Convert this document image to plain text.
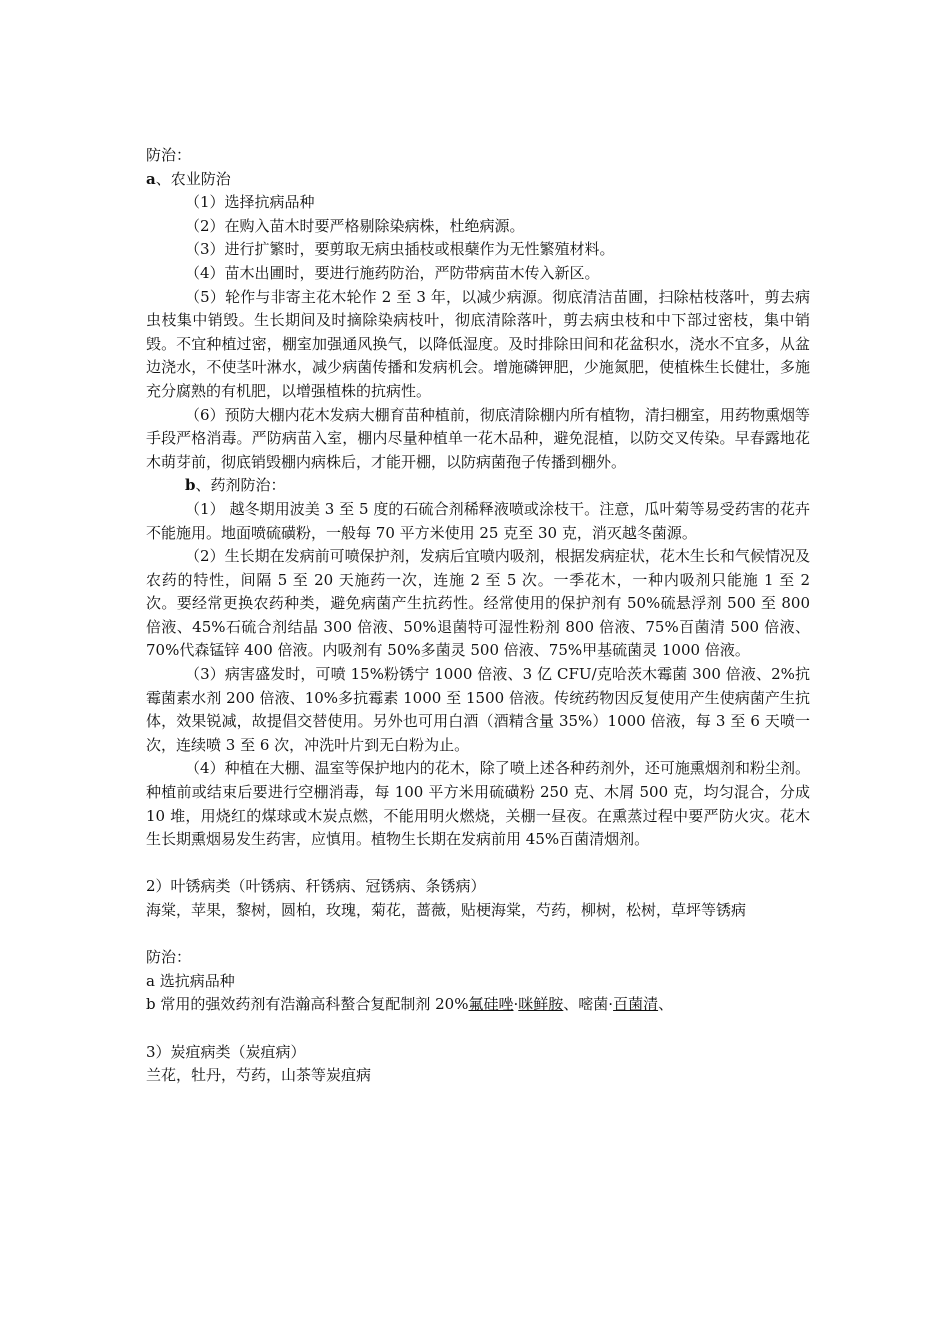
防治：

a、农业防治

（1）选择抗病品种

（2）在购入苗木时要严格剔除染病株，杜绝病源。

（3）进行扩繁时，要剪取无病虫插枝或根蘖作为无性繁殖材料。

（4）苗木出圃时，要进行施药防治，严防带病苗木传入新区。

（5）轮作与非寄主花木轮作 2 至 3 年，以减少病源。彻底清洁苗圃，扫除枯枝落叶，剪去病虫枝集中销毁。生长期间及时摘除染病枝叶，彻底清除落叶，剪去病虫枝和中下部过密枝，集中销毁。不宜种植过密，棚室加强通风换气，以降低湿度。及时排除田间和花盆积水，浇水不宜多，从盆边浇水，不使茎叶淋水，减少病菌传播和发病机会。增施磷钾肥，少施氮肥，使植株生长健壮，多施充分腐熟的有机肥，以增强植株的抗病性。

（6）预防大棚内花木发病大棚育苗种植前，彻底清除棚内所有植物，清扫棚室，用药物熏烟等手段严格消毒。严防病苗入室，棚内尽量种植单一花木品种，避免混植，以防交叉传染。早春露地花木萌芽前，彻底销毁棚内病株后，才能开棚，以防病菌孢子传播到棚外。

b、药剂防治：

（1） 越冬期用波美 3 至 5 度的石硫合剂稀释液喷或涂枝干。注意，瓜叶菊等易受药害的花卉不能施用。地面喷硫磺粉，一般每 70 平方米使用 25 克至 30 克，消灭越冬菌源。

（2）生长期在发病前可喷保护剂，发病后宜喷内吸剂，根据发病症状，花木生长和气候情况及农药的特性，间隔 5 至 20 天施药一次，连施 2 至 5 次。一季花木，一种内吸剂只能施 1 至 2 次。要经常更换农药种类，避免病菌产生抗药性。经常使用的保护剂有 50%硫悬浮剂 500 至 800 倍液、45%石硫合剂结晶 300 倍液、50%退菌特可湿性粉剂 800 倍液、75%百菌清 500 倍液、 70%代森锰锌 400 倍液。内吸剂有 50%多菌灵 500 倍液、75%甲基硫菌灵 1000 倍液。

（3）病害盛发时，可喷 15%粉锈宁 1000 倍液、3 亿 CFU/克哈茨木霉菌 300 倍液、2%抗霉菌素水剂 200 倍液、10%多抗霉素 1000 至 1500 倍液。传统药物因反复使用产生使病菌产生抗体，效果锐减，故提倡交替使用。另外也可用白酒（酒精含量 35%）1000 倍液，每 3 至 6 天喷一次，连续喷 3 至 6 次，冲洗叶片到无白粉为止。

（4）种植在大棚、温室等保护地内的花木，除了喷上述各种药剂外，还可施熏烟剂和粉尘剂。种植前或结束后要进行空棚消毒，每 100 平方米用硫磺粉 250 克、木屑 500 克，均匀混合，分成 10 堆，用烧红的煤球或木炭点燃，不能用明火燃烧，关棚一昼夜。在熏蒸过程中要严防火灾。花木生长期熏烟易发生药害，应慎用。植物生长期在发病前用 45%百菌清烟剂。

2）叶锈病类（叶锈病、秆锈病、冠锈病、条锈病）

海棠，苹果，黎树，圆柏，玫瑰，菊花，蔷薇，贴梗海棠，芍药，柳树，松树，草坪等锈病

防治：

a 选抗病品种

b 常用的强效药剂有浩瀚高科螯合复配制剂 20%氟硅唑·咪鲜胺、嘧菌·百菌清、

3）炭疽病类（炭疽病）

兰花，牡丹，芍药，山茶等炭疽病
